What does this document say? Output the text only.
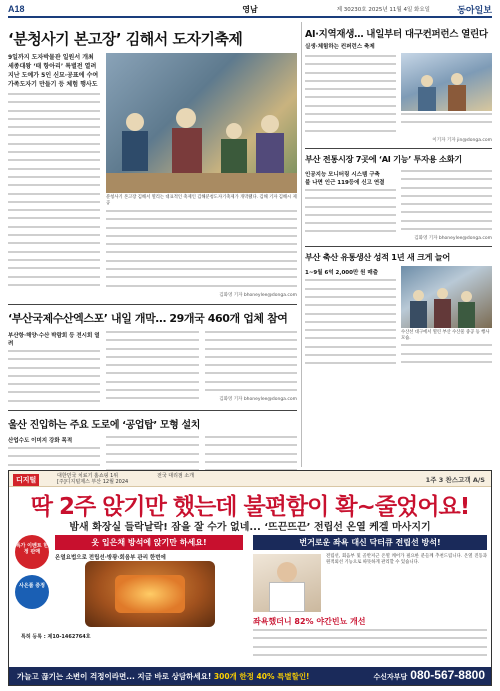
A18	영남	제 30230호 2025년 11월 4일 화요일	동아일보
‘분청사기 본고장’ 김해서 도자기축제
9일까지 도자박물관 일원서 개최
세종대왕 ‘태 항아리’ 특별전 열려
지난 도예가 5인 신묘·공표에 수여
가족도자기 만들기 등 체험 행사도
분청사기 본고장 김해서 열리는 대표적인 축제인 김해분청도자기축제가 개막됐다. 김해 기자 김해시 제공
김화영 기자 bhoneylee@donga.com
‘부산국제수산엑스포’ 내일 개막… 29개국 460개 업체 참여
부산항·해양·수산 박람회 등 전시회 열려
김화영 기자 bhoneylee@donga.com
울산 진입하는 주요 도로에 ‘공업탑’ 모형 설치
산업수도 이미지 강화 목적
AI·지역재생… 내일부터 대구컨퍼런스 열린다
실생·체험하는 컨퍼런스 축제
이기자 기자 jin@donga.com
부산 전통시장 7곳에 ‘AI 기능’ 투자용 소화기
인공지능 모니터링 시스템 구축
불 나면 인근 119등에 신고 연결
김화영 기자 bhoneylee@donga.com
부산 축산 유통생산 성적 1년 새 크게 늘어
1~9월 6억 2,000만 원 매출
수산선 대구에서 열린 부산 수산물 중공 등 행사 모습.
디지털
대한민국 치료기 홈쇼핑 1위
[주]디지털제스 부산 12월 2024
전국 대리점 소개	1주 3 찬스고객 A/S
딱 2주 앉기만 했는데 불편함이 확~줄었어요!
밤새 화장실 들락날락! 잠을 잘 수가 없네... ‘뜨끈뜨끈’ 전립선 온열 케겔 마사지기
옷 입은채 방석에 앉기만 하세요!
온열요법으로 전립선·방광·회음부 관리 한번에
특가 이벤트 한정 판매
사은품 증정
특허 등록 : 제10-1462764호
번거로운 좌욕 대신 닥터큐 전립선 방석!
전립선, 회음부 및 골반저근 온열 케어가 필요한 분들께 추천드립니다. 온열 진동과 원적외선 기능으로 따뜻하게 관리할 수 있습니다.
좌욕했더니 82% 야간빈뇨 개선
가늘고 끊기는 소변이 걱정이라면... 지금 바로 상담하세요! 300개 한정 40% 특별할인!	수신자부담 080-567-8800
